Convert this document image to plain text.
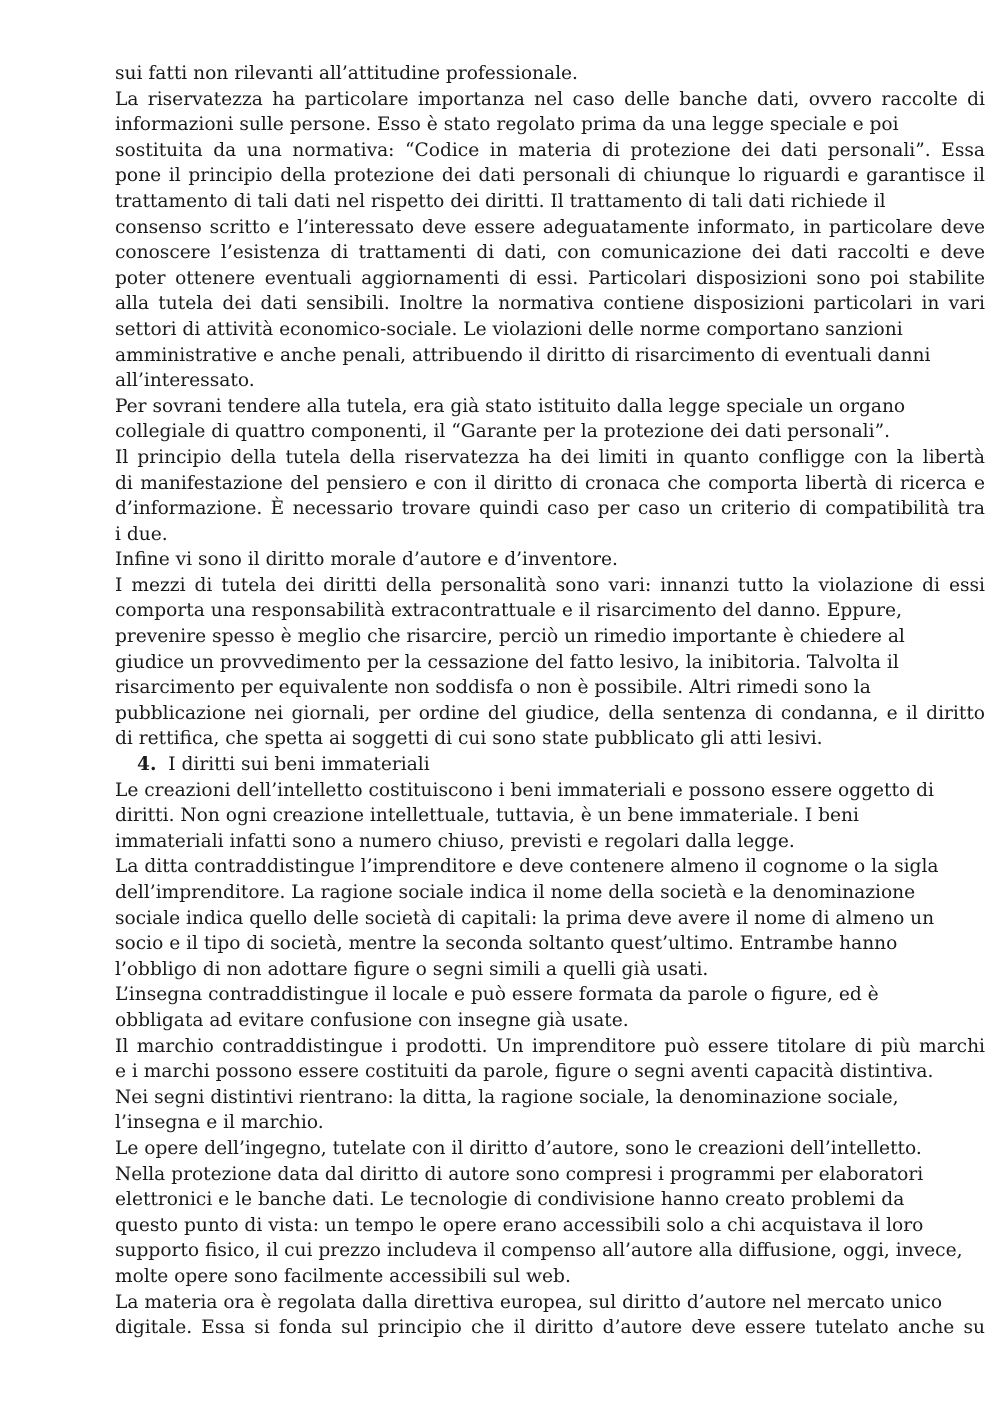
sui fatti non rilevanti all’attitudine professionale.
La riservatezza ha particolare importanza nel caso delle banche dati, ovvero raccolte di
informazioni sulle persone. Esso è stato regolato prima da una legge speciale e poi
sostituita da una normativa: “Codice in materia di protezione dei dati personali”. Essa
pone il principio della protezione dei dati personali di chiunque lo riguardi e garantisce il
trattamento di tali dati nel rispetto dei diritti. Il trattamento di tali dati richiede il
consenso scritto e l’interessato deve essere adeguatamente informato, in particolare deve
conoscere l’esistenza di trattamenti di dati, con comunicazione dei dati raccolti e deve
poter ottenere eventuali aggiornamenti di essi. Particolari disposizioni sono poi stabilite
alla tutela dei dati sensibili. Inoltre la normativa contiene disposizioni particolari in vari
settori di attività economico-sociale. Le violazioni delle norme comportano sanzioni
amministrative e anche penali, attribuendo il diritto di risarcimento di eventuali danni
all’interessato.
Per sovrani tendere alla tutela, era già stato istituito dalla legge speciale un organo
collegiale di quattro componenti, il “Garante per la protezione dei dati personali”.
Il principio della tutela della riservatezza ha dei limiti in quanto confligge con la libertà
di manifestazione del pensiero e con il diritto di cronaca che comporta libertà di ricerca e
d’informazione. È necessario trovare quindi caso per caso un criterio di compatibilità tra
i due.
Infine vi sono il diritto morale d’autore e d’inventore.
I mezzi di tutela dei diritti della personalità sono vari: innanzi tutto la violazione di essi
comporta una responsabilità extracontrattuale e il risarcimento del danno. Eppure,
prevenire spesso è meglio che risarcire, perciò un rimedio importante è chiedere al
giudice un provvedimento per la cessazione del fatto lesivo, la inibitoria. Talvolta il
risarcimento per equivalente non soddisfa o non è possibile. Altri rimedi sono la
pubblicazione nei giornali, per ordine del giudice, della sentenza di condanna, e il diritto
di rettifica, che spetta ai soggetti di cui sono state pubblicato gli atti lesivi.
4. I diritti sui beni immateriali
Le creazioni dell’intelletto costituiscono i beni immateriali e possono essere oggetto di
diritti. Non ogni creazione intellettuale, tuttavia, è un bene immateriale. I beni
immateriali infatti sono a numero chiuso, previsti e regolari dalla legge.
La ditta contraddistingue l’imprenditore e deve contenere almeno il cognome o la sigla
dell’imprenditore. La ragione sociale indica il nome della società e la denominazione
sociale indica quello delle società di capitali: la prima deve avere il nome di almeno un
socio e il tipo di società, mentre la seconda soltanto quest’ultimo. Entrambe hanno
l’obbligo di non adottare figure o segni simili a quelli già usati.
L’insegna contraddistingue il locale e può essere formata da parole o figure, ed è
obbligata ad evitare confusione con insegne già usate.
Il marchio contraddistingue i prodotti. Un imprenditore può essere titolare di più marchi
e i marchi possono essere costituiti da parole, figure o segni aventi capacità distintiva.
Nei segni distintivi rientrano: la ditta, la ragione sociale, la denominazione sociale,
l’insegna e il marchio.
Le opere dell’ingegno, tutelate con il diritto d’autore, sono le creazioni dell’intelletto.
Nella protezione data dal diritto di autore sono compresi i programmi per elaboratori
elettronici e le banche dati. Le tecnologie di condivisione hanno creato problemi da
questo punto di vista: un tempo le opere erano accessibili solo a chi acquistava il loro
supporto fisico, il cui prezzo includeva il compenso all’autore alla diffusione, oggi, invece,
molte opere sono facilmente accessibili sul web.
La materia ora è regolata dalla direttiva europea, sul diritto d’autore nel mercato unico
digitale. Essa si fonda sul principio che il diritto d’autore deve essere tutelato anche su
